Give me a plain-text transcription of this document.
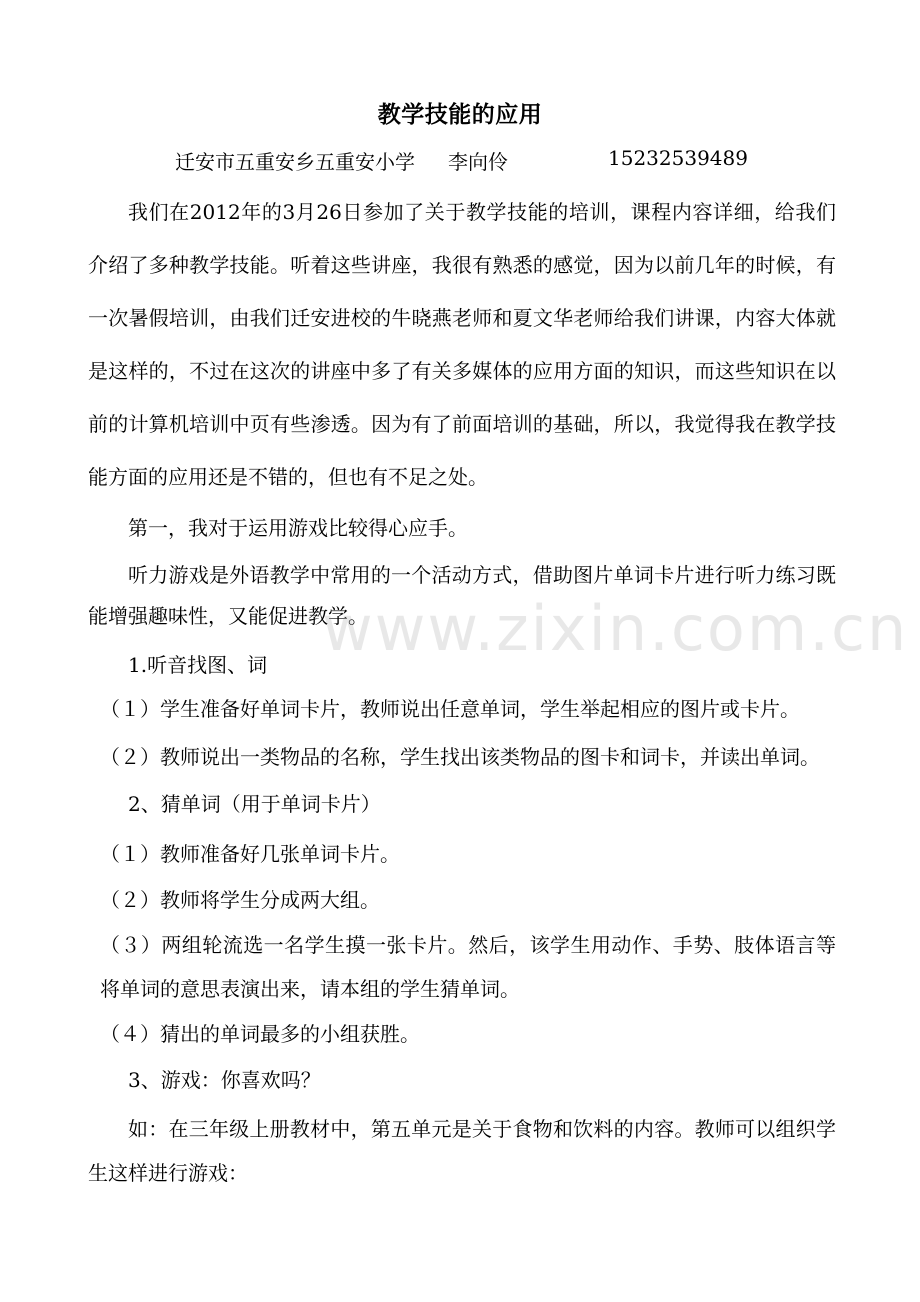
教学技能的应用
迁安市五重安乡五重安小学 李向伶	15232539489

我们在2012年的3月26日参加了关于教学技能的培训，课程内容详细，给我们介绍了多种教学技能。听着这些讲座，我很有熟悉的感觉，因为以前几年的时候，有一次暑假培训，由我们迁安进校的牛晓燕老师和夏文华老师给我们讲课，内容大体就是这样的，不过在这次的讲座中多了有关多媒体的应用方面的知识，而这些知识在以前的计算机培训中页有些渗透。因为有了前面培训的基础，所以，我觉得我在教学技能方面的应用还是不错的，但也有不足之处。

第一，我对于运用游戏比较得心应手。

听力游戏是外语教学中常用的一个活动方式，借助图片单词卡片进行听力练习既能增强趣味性，又能促进教学。

1.听音找图、词

（１）学生准备好单词卡片，教师说出任意单词，学生举起相应的图片或卡片。

（２）教师说出一类物品的名称，学生找出该类物品的图卡和词卡，并读出单词。

2、猜单词（用于单词卡片）

（１）教师准备好几张单词卡片。

（２）教师将学生分成两大组。

（３）两组轮流选一名学生摸一张卡片。然后，该学生用动作、手势、肢体语言等将单词的意思表演出来，请本组的学生猜单词。

（４）猜出的单词最多的小组获胜。

3、游戏：你喜欢吗？

如：在三年级上册教材中，第五单元是关于食物和饮料的内容。教师可以组织学生这样进行游戏：

www.zixin.com.cn
